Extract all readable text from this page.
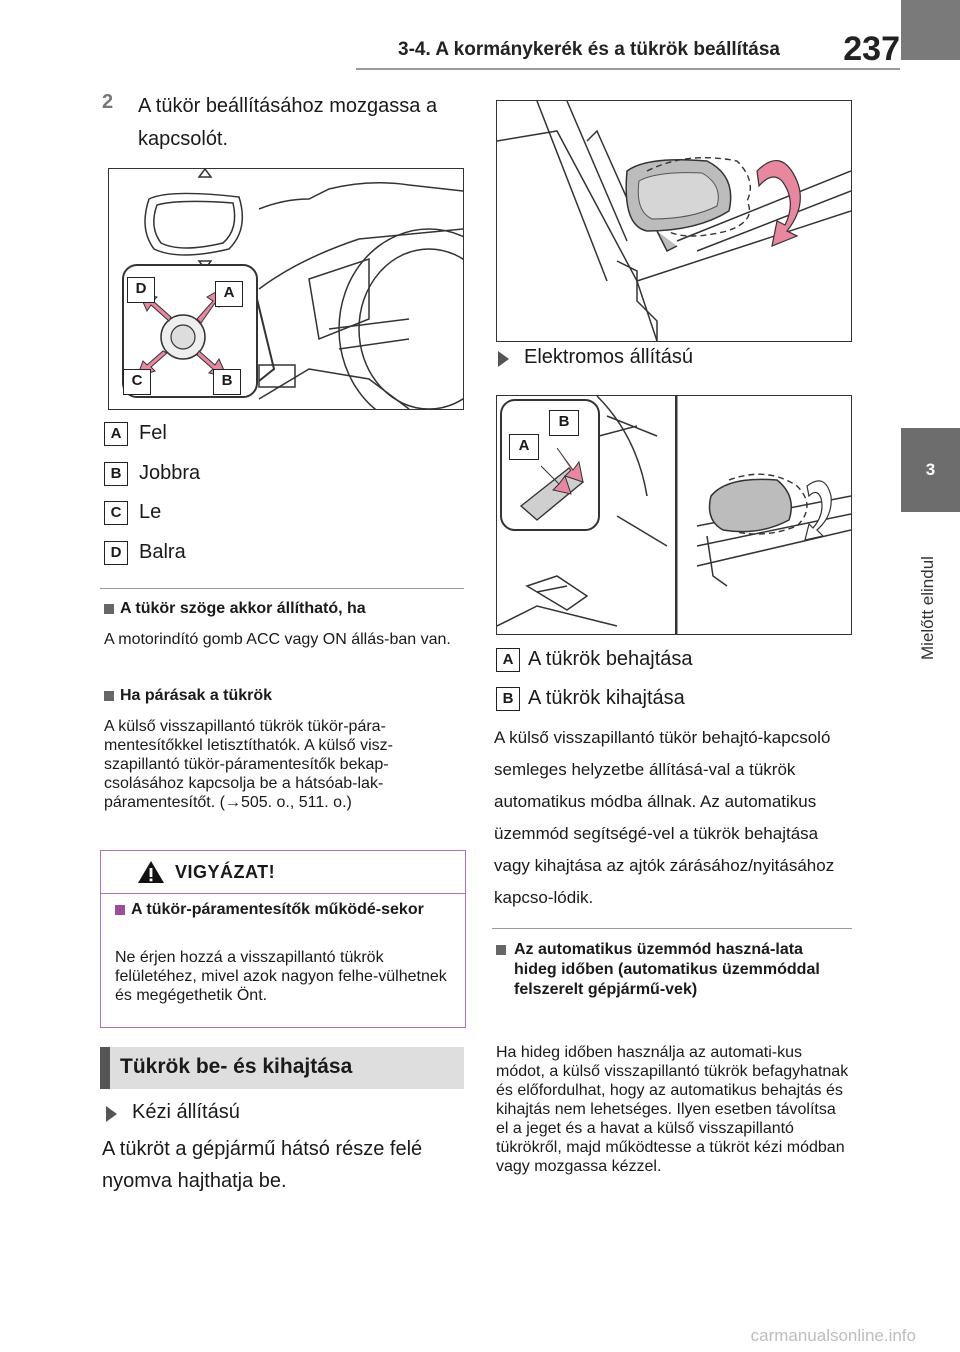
3-4. A kormánykerék és a tükrök beállítása 237
3
Mielőtt elindul
2 A tükör beállításához mozgassa a kapcsolót.
D	A
C	B
A Fel
B Jobbra
C Le
D Balra
A tükör szöge akkor állítható, ha
A motorindító gomb ACC vagy ON állás-ban van.
Ha párásak a tükrök
A külső visszapillantó tükrök tükör-pára-mentesítőkkel letisztíthatók. A külső visz-szapillantó tükör-páramentesítők bekap-csolásához kapcsolja be a hátsóab-lak-páramentesítőt. (→505. o., 511. o.)
VIGYÁZAT!
A tükör-páramentesítők működé-sekor
Ne érjen hozzá a visszapillantó tükrök felületéhez, mivel azok nagyon felhe-vülhetnek és megégethetik Önt.
Tükrök be- és kihajtása
Kézi állítású
A tükröt a gépjármű hátsó része felé nyomva hajthatja be.
Elektromos állítású
B
A
A A tükrök behajtása
B A tükrök kihajtása
A külső visszapillantó tükör behajtó-kapcsoló semleges helyzetbe állításá-val a tükrök automatikus módba állnak. Az automatikus üzemmód segítségé-vel a tükrök behajtása vagy kihajtása az ajtók zárásához/nyitásához kapcso-lódik.
Az automatikus üzemmód haszná-lata hideg időben (automatikus üzemmóddal felszerelt gépjármű-vek)
Ha hideg időben használja az automati-kus módot, a külső visszapillantó tükrök befagyhatnak és előfordulhat, hogy az automatikus behajtás és kihajtás nem lehetséges. Ilyen esetben távolítsa el a jeget és a havat a külső visszapillantó tükrökről, majd működtesse a tükröt kézi módban vagy mozgassa kézzel.
carmanualsonline.info
